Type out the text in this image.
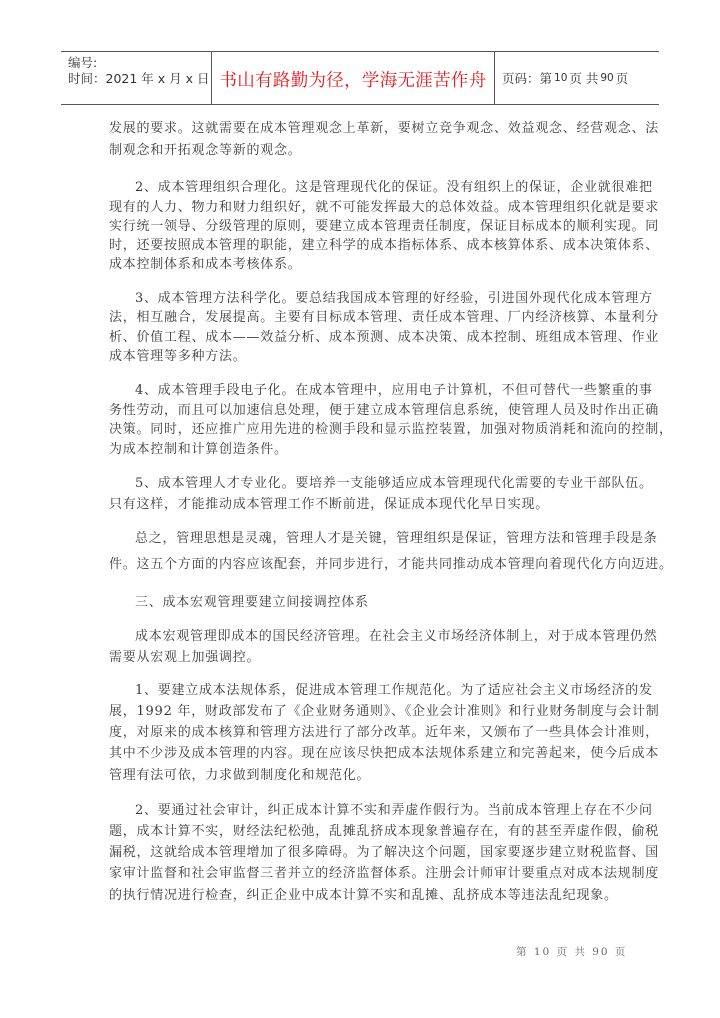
编号:
时间：2021 年 x 月 x 日 书山有路勤为径，学海无涯苦作舟 页码：第 10 页 共 90 页
发展的要求。这就需要在成本管理观念上革新，要树立竞争观念、效益观念、经营观念、法
制观念和开拓观念等新的观念。
2、成本管理组织合理化。这是管理现代化的保证。没有组织上的保证，企业就很难把
现有的人力、物力和财力组织好，就不可能发挥最大的总体效益。成本管理组织化就是要求
实行统一领导、分级管理的原则，要建立成本管理责任制度，保证目标成本的顺利实现。同
时，还要按照成本管理的职能，建立科学的成本指标体系、成本核算体系、成本决策体系、
成本控制体系和成本考核体系。
3、成本管理方法科学化。要总结我国成本管理的好经验，引进国外现代化成本管理方
法，相互融合，发展提高。主要有目标成本管理、责任成本管理、厂内经济核算、本量利分
析、价值工程、成本——效益分析、成本预测、成本决策、成本控制、班组成本管理、作业
成本管理等多种方法。
4、成本管理手段电子化。在成本管理中，应用电子计算机，不但可替代一些繁重的事
务性劳动，而且可以加速信息处理，便于建立成本管理信息系统，使管理人员及时作出正确
决策。同时，还应推广应用先进的检测手段和显示监控装置，加强对物质消耗和流向的控制，
为成本控制和计算创造条件。
5、成本管理人才专业化。要培养一支能够适应成本管理现代化需要的专业干部队伍。
只有这样，才能推动成本管理工作不断前进，保证成本现代化早日实现。
总之，管理思想是灵魂，管理人才是关键，管理组织是保证，管理方法和管理手段是条
件。这五个方面的内容应该配套，并同步进行，才能共同推动成本管理向着现代化方向迈进。
三、成本宏观管理要建立间接调控体系
成本宏观管理即成本的国民经济管理。在社会主义市场经济体制上，对于成本管理仍然
需要从宏观上加强调控。
1、要建立成本法规体系，促进成本管理工作规范化。为了适应社会主义市场经济的发
展，1992 年，财政部发布了《企业财务通则》、《企业会计准则》和行业财务制度与会计制
度，对原来的成本核算和管理方法进行了部分改革。近年来，又颁布了一些具体会计准则，
其中不少涉及成本管理的内容。现在应该尽快把成本法规体系建立和完善起来，使今后成本
管理有法可依，力求做到制度化和规范化。
2、要通过社会审计，纠正成本计算不实和弄虚作假行为。当前成本管理上存在不少问
题，成本计算不实，财经法纪松弛，乱摊乱挤成本现象普遍存在，有的甚至弄虚作假，偷税
漏税，这就给成本管理增加了很多障碍。为了解决这个问题，国家要逐步建立财税监督、国
家审计监督和社会审监督三者并立的经济监督体系。注册会计师审计要重点对成本法规制度
的执行情况进行检查，纠正企业中成本计算不实和乱摊、乱挤成本等违法乱纪现象。
第 10 页 共 90 页
